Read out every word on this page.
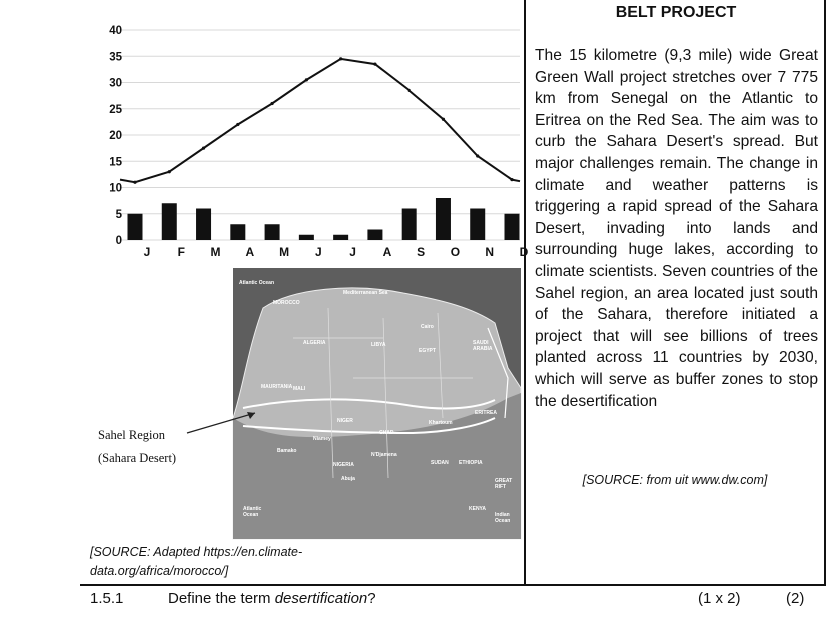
0
5
10
15
20
25
30
35
40
J F M A M J J A S O N D
BELT PROJECT
The 15 kilometre (9,3 mile) wide Great Green Wall project stretches over 7 775 km from Senegal on the Atlantic to Eritrea on the Red Sea. The aim was to curb the Sahara Desert's spread. But major challenges remain. The change in climate and weather patterns is triggering a rapid spread of the Sahara Desert, invading into lands and surrounding huge lakes, according to climate scientists. Seven countries of the Sahel region, an area located just south of the Sahara, therefore initiated a project that will see billions of trees planted across 11 countries by 2030, which will serve as buffer zones to stop the desertification
[SOURCE: from uit www.dw.com]
Atlantic Ocean
MOROCCO
Mediterranean Sea
ALGERIA	LIBYA
EGYPT
Cairo
SAUDI ARABIA
MAURITANIA MALI
NIGER
CHAD
Khartoum
SUDAN
ERITREA
ETHIOPIA
NIGERIA
Abuja
N'Djamena
Niamey
Bamako
KENYA
Indian Ocean
Atlantic Ocean
GREAT RIFT
Sahel Region
(Sahara Desert)
[SOURCE: Adapted https://en.climate-data.org/africa/morocco/]
1.5.1	Define the term desertification?	(1 x 2)	(2)
